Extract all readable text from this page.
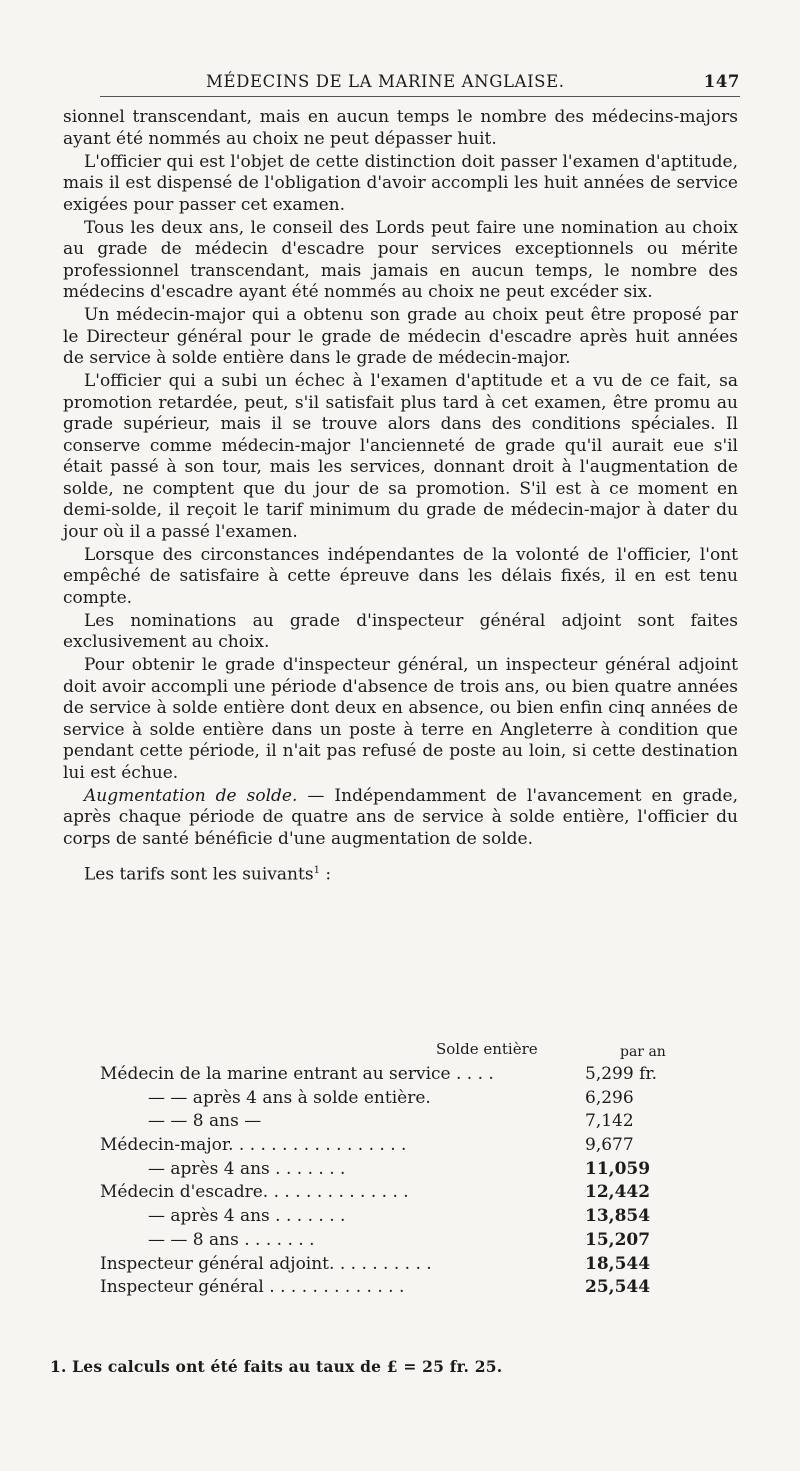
MÉDECINS DE LA MARINE ANGLAISE.	147

sionnel transcendant, mais en aucun temps le nombre des médecins-majors ayant été nommés au choix ne peut dépasser huit.

L'officier qui est l'objet de cette distinction doit passer l'examen d'aptitude, mais il est dispensé de l'obligation d'avoir accompli les huit années de service exigées pour passer cet examen.

Tous les deux ans, le conseil des Lords peut faire une nomination au choix au grade de médecin d'escadre pour services exceptionnels ou mérite professionnel transcendant, mais jamais en aucun temps, le nombre des médecins d'escadre ayant été nommés au choix ne peut excéder six.

Un médecin-major qui a obtenu son grade au choix peut être proposé par le Directeur général pour le grade de médecin d'escadre après huit années de service à solde entière dans le grade de médecin-major.

L'officier qui a subi un échec à l'examen d'aptitude et a vu de ce fait, sa promotion retardée, peut, s'il satisfait plus tard à cet examen, être promu au grade supérieur, mais il se trouve alors dans des conditions spéciales. Il conserve comme médecin-major l'ancienneté de grade qu'il aurait eue s'il était passé à son tour, mais les services, donnant droit à l'augmentation de solde, ne comptent que du jour de sa promotion. S'il est à ce moment en demi-solde, il reçoit le tarif minimum du grade de médecin-major à dater du jour où il a passé l'examen.

Lorsque des circonstances indépendantes de la volonté de l'officier, l'ont empêché de satisfaire à cette épreuve dans les délais fixés, il en est tenu compte.

Les nominations au grade d'inspecteur général adjoint sont faites exclusivement au choix.

Pour obtenir le grade d'inspecteur général, un inspecteur général adjoint doit avoir accompli une période d'absence de trois ans, ou bien quatre années de service à solde entière dont deux en absence, ou bien enfin cinq années de service à solde entière dans un poste à terre en Angleterre à condition que pendant cette période, il n'ait pas refusé de poste au loin, si cette destination lui est échue.

Augmentation de solde. — Indépendamment de l'avancement en grade, après chaque période de quatre ans de service à solde entière, l'officier du corps de santé bénéficie d'une augmentation de solde.

Les tarifs sont les suivants$^1$ :

Solde entière	par an
Médecin de la marine entrant au service . . . .	5,299 fr.
— — après 4 ans à solde entière.	6,296
— — 8 ans —	7,142
Médecin-major. . . . . . . . . . . . . . . . .	9,677
— après 4 ans . . . . . . .	11,059
Médecin d'escadre. . . . . . . . . . . . . .	12,442
— après 4 ans . . . . . . .	13,854
— — 8 ans . . . . . . .	15,207
Inspecteur général adjoint. . . . . . . . . .	18,544
Inspecteur général . . . . . . . . . . . . .	25,544
1. Les calculs ont été faits au taux de £ = 25 fr. 25.
